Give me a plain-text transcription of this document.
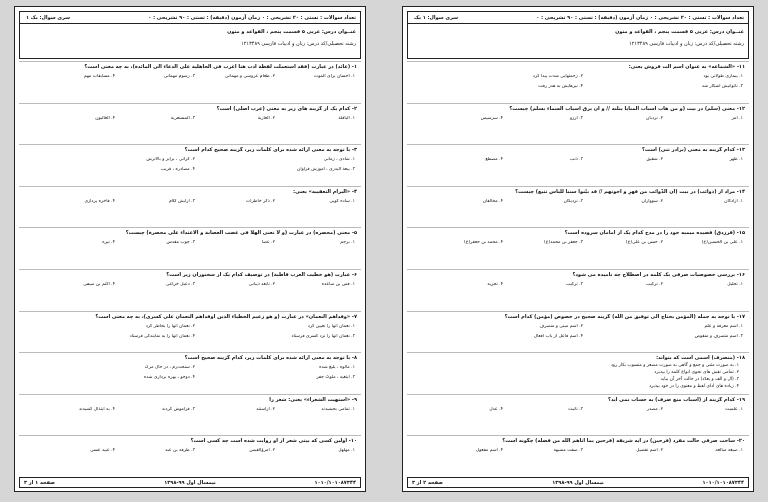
تعداد سوالات : تستی : ۲۰ تشریحی : ۰ زمان آزمون (دقیقه) : تستی : ۹۰ تشریحی : ۰
عنــوان درس: عربی ۵ قسمت پنجم ، القواعد و متون
رشته تحصیلی/کد درس: زبان و ادبیات فارسی ۱۲۱۳۴۸۹
سری سوال: یک ۱
۱- (عائد) در عبارت (فقد استعملت لفظة أدب هنا أغرب فی الجاهلية علی الدعاء الی المائدة)، به چه معنی است؟
۱. احسان برای الموت
۲. طعام عروسی و مهمانی
۳. رسوم مهمانی
۴. مسابقات مهم
۲- کدام یک از گزینه های زیر به معنی (عرب اصلی) است؟
۱. الباقلة
۲. العاربة
۳. المستعربة
۴. الغالبون
۳- با توجه به معنی ارائه شده برای کلمات زیر، گزینه صحیح کدام است؟
۱. شادی ، زمانی
۲. کرانی ، برابر و بالاترش
۳. بیعة البدری ، آموزش فراوان
۴. مصادره ، قریب
۴- «البرام التعقیبه» یعنی:
۱. ساده گویی
۲. ذکر خاطرات
۳. آرایش کلام
۴. فاخره پردازی
۵- معنی (محصره) در عبارت (و لا تعنی الهلا فی غضب العصابة و الاعتداء علی محصرة) چیست؟
۱. برجم
۲. عصا
۳. چوب مقدس
۴. نیزه
۶- عبارت (هو خطیب العرب قاطبة) در توصیف کدام یک از سخنوران زیر است؟
۱. قس بن ساعده
۲. نابغه ذبیانی
۳. دعبل خزاعی
۴. اکثم بن صیفی
۷- «وفداهم النعمان» در عبارت (و هو زعیم الخطباء الذین اوفداهم النعمان علی کسری)، به چه معنی است؟
۱. نعمان آنها را تعیین کرد
۲. نعمان آنها را بخاطر کرد
۳. نعمان آنها را نزد کسری فرستاد
۴. نعمان آنها را به نمایندگی فرستاد
۸- با توجه به معنی ارائه شده برای کلمات زیر، کدام گزینه صحیح است؟
۱. مالوه ، بلیغ شده
۲. سنحت‌رم ، در حال مرگ
۳. ابتغیه ، ملوک‌ جفر
۴. دوحو ، بهره برداری شده
۹- «استهبت الشعراء» یعنی: شعر را
۱. تمامی بخشیدند
۲. آراستند
۳. فراموش کردند
۴. به ابتذال کشیدند
۱۰- اولین کسی که بیتی شعر از او روایت شده است چه کسی است؟
۱. مهلهل
۲. امرؤالقیس
۳. طرفه بن عبد
۴. عبید عسی
صفحه ۱ از ۳	نیمسال اول ۹۹-۱۳۹۸	۱۰۱۰/۱۰۱۰۸۷۳۴۴
تعداد سوالات : تستی : ۲۰ تشریحی : ۰ زمان آزمون (دقیقه) : تستی : ۹۰ تشریحی : ۰
عنــوان درس: عربی ۵ قسمت پنجم ، القواعد و متون
رشته تحصیلی/کد درس: زبان و ادبیات فارسی ۱۲۱۳۴۸۹
سری سوال: ۱ یک
۱۱- «الشماعه» به عنوان اسم آلت فروش یعنی:
۱. بیماری طولانی بود
۲. زحمتهایی شدت پیدا کرد
۳. ناتوانیش آشکار شد
۴. نیرهایش به هدر رفت
۱۲- معنی (سلّم) در بیت (و من هاب اسباب المنایا ینلنه // و ان یرق اسباب السماء بسلّم) چیست؟
۱. امر
۲. نردبان
۳. آرزو
۴. سرسپس
۱۳- کدام گزینه به معنی (برادر تنی) است؟
۱. ظهر
۲. شقیق
۳. ذنب
۴. مصطع
۱۴- مراد از (ذوائب) در بیت (أن الذّوائب من فهرٍ و اخوتهم // قد بیّنوا سنناً للناس تتبع) چیست؟
۱. ازآدگان
۲. سوواران
۳. نزدیکان
۴. مخالفان
۱۵- (قرزدق) قصیده میمیه خود را در مدح کدام یک از امامان سروده است؟
۱. علی بن الحسین(ع)
۲. حسن بن علی(ع)
۳. جعفر بن محمد(ع)
۴. محمد بن جعفر(ع)
۱۶- بررسی خصوصیات صرفی یک کلمه در اصطلاح چه نامیده می شود؟
۱. تحلیل
۲. ترکیب
۳. ترکیب
۴. تجزیه
۱۷- با توجه به جمله (المؤمن یحتاج الی توفیق من الله) گزینه صحیح در خصوص (مؤمن) کدام است؟
۱. اسم معرفه و علم
۲. اسم مبنی و منصرف
۳. اسم متصرف و منقوص
۴. اسم فاعل از باب افعال
۱۸- (منصرف) اسمی است که بتواند:
۱. به صورت مثنی و جمع و گاهی به صورت مصغر و منسوب بکار رود
۲. تمامی نقش های نحوی انواع کلمه را بپذیرد
۳. (ال و الف و یعدّد) در حالت آخر آن بیاید
۴. زیاده های ادای لفظ و معنوی را در خود بپذیرد
۱۹- کدام گزینه از (اسباب منع صرف) به حساب نمی آید؟
۱. علمیت
۲. مصدر
۳. تأنیث
۴. عدل
۲۰- ساخت صرفی حالت مفرد (فرحین) در آیه شریفه (فرحین بما آتاهم الله من فضله) چگونه است؟
۱. صیغه مبالغه
۲. اسم تفضیل
۳. صفت مشبهه
۴. اسم مفعول
صفحه ۲ از ۳	نیمسال اول ۹۹-۱۳۹۸	۱۰۱۰/۱۰۱۰۸۷۳۴۴
